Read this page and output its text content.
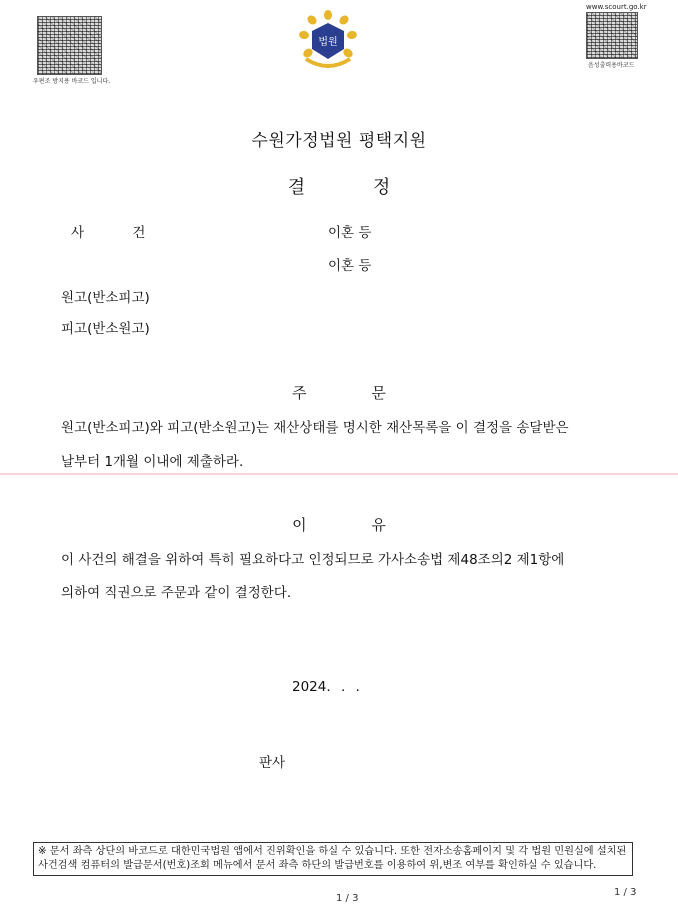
우편조 방지용 바코드 입니다.
법원
www.scourt.go.kr
음성출력용바코드
수원가정법원 평택지원
결 정
사 건	이혼 등
이혼 등
원고(반소피고)
피고(반소원고)
주 문
원고(반소피고)와 피고(반소원고)는 재산상태를 명시한 재산목록을 이 결정을 송달받은
날부터 1개월 이내에 제출하라.
이 유
이 사건의 해결을 위하여 특히 필요하다고 인정되므로 가사소송법 제48조의2 제1항에
의하여 직권으로 주문과 같이 결정한다.
2024. . .
판사
※ 문서 좌측 상단의 바코드로 대한민국법원 앱에서 진위확인을 하실 수 있습니다. 또한 전자소송홈페이지 및 각 법원 민원실에 설치된 사건검색 컴퓨터의 발급문서(번호)조회 메뉴에서 문서 좌측 하단의 발급번호를 이용하여 위,변조 여부를 확인하실 수 있습니다.
1 / 3
1 / 3
